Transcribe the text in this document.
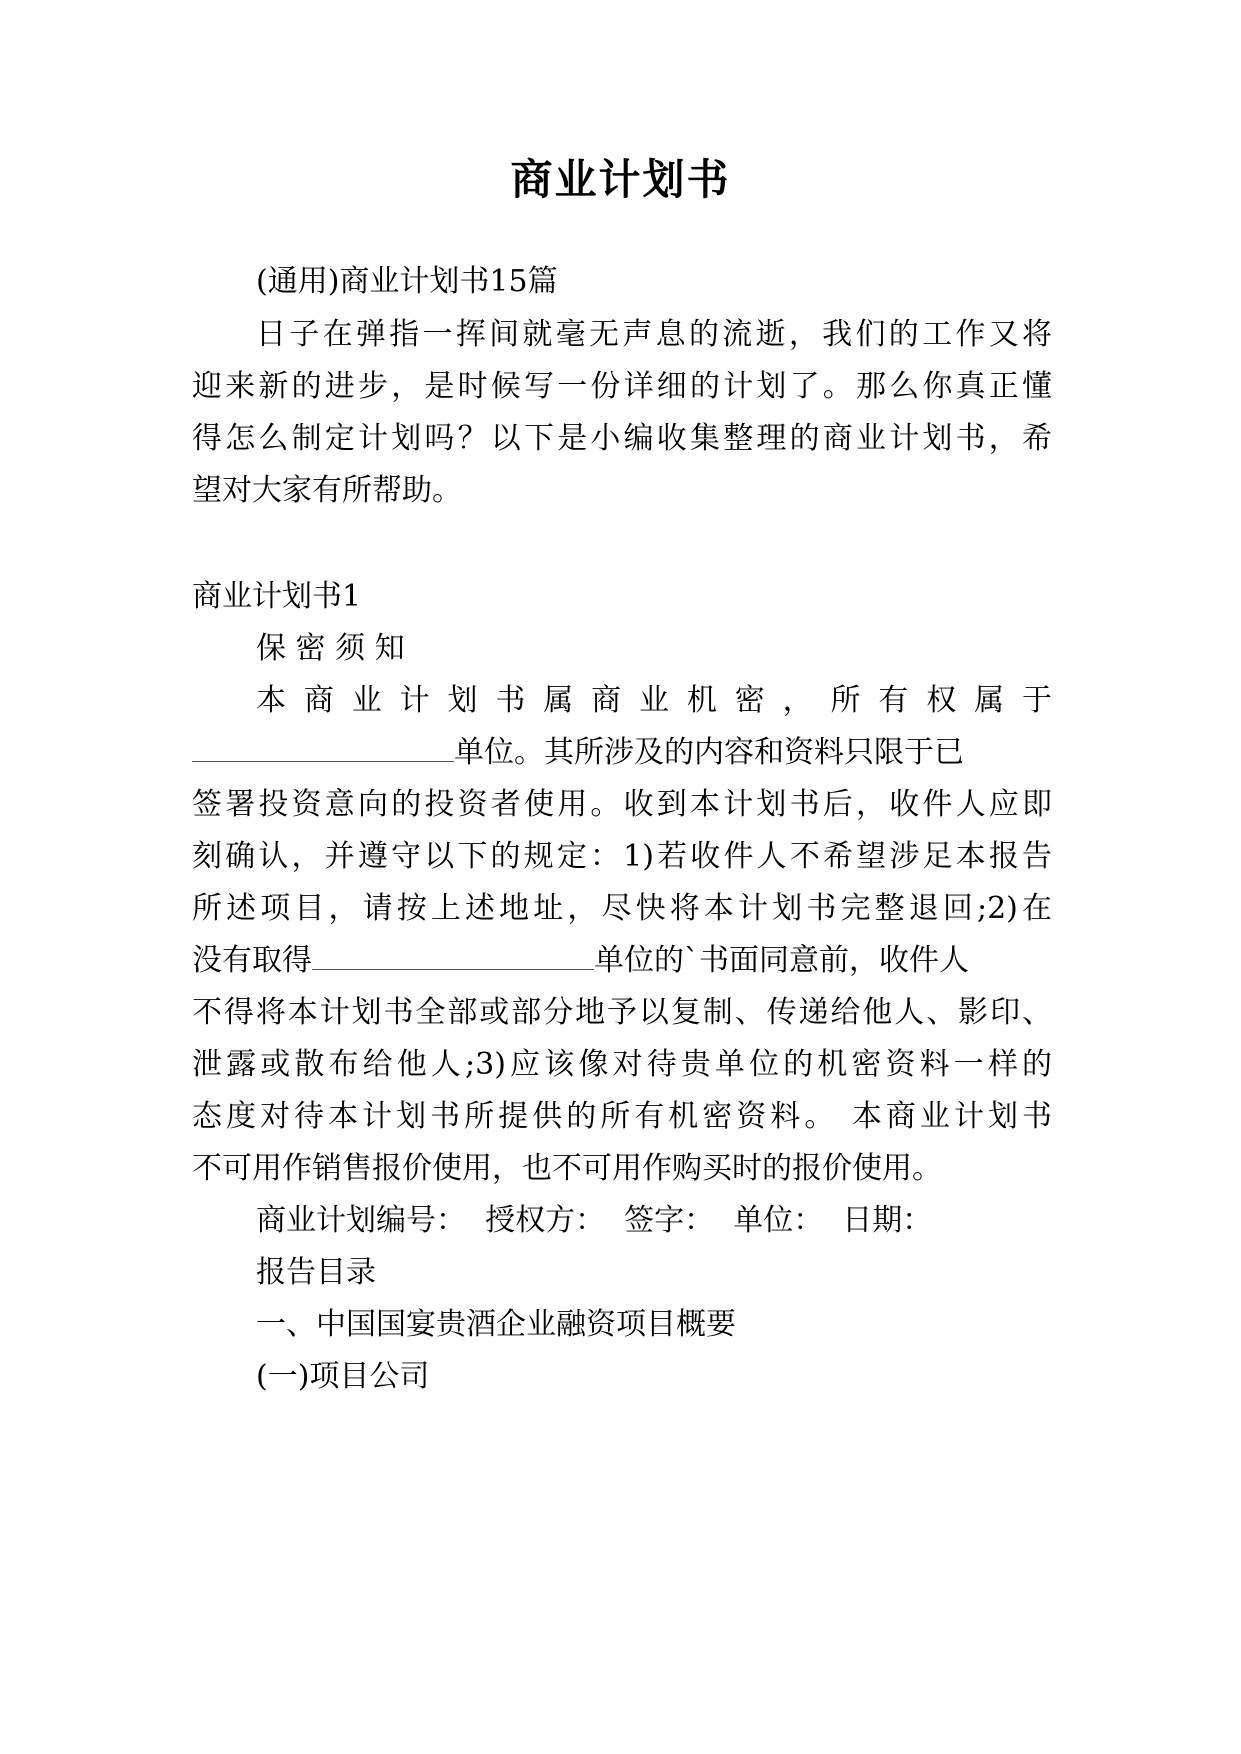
商业计划书
(通用)商业计划书15篇
日子在弹指一挥间就毫无声息的流逝，我们的工作又将
迎来新的进步，是时候写一份详细的计划了。那么你真正懂
得怎么制定计划吗？以下是小编收集整理的商业计划书，希
望对大家有所帮助。
商业计划书1
保 密 须 知
本 商 业 计 划 书 属 商 业 机 密 ， 所 有 权 属 于
单位。其所涉及的内容和资料只限于已
签署投资意向的投资者使用。收到本计划书后，收件人应即
刻确认，并遵守以下的规定：1)若收件人不希望涉足本报告
所述项目，请按上述地址，尽快将本计划书完整退回;2)在
没有取得	单位的`书面同意前，收件人
不得将本计划书全部或部分地予以复制、传递给他人、影印、
泄露或散布给他人;3)应该像对待贵单位的机密资料一样的
态度对待本计划书所提供的所有机密资料。 本商业计划书
不可用作销售报价使用，也不可用作购买时的报价使用。
商业计划编号：  授权方：  签字：  单位：  日期：
报告目录
一、中国国宴贵酒企业融资项目概要
(一)项目公司
